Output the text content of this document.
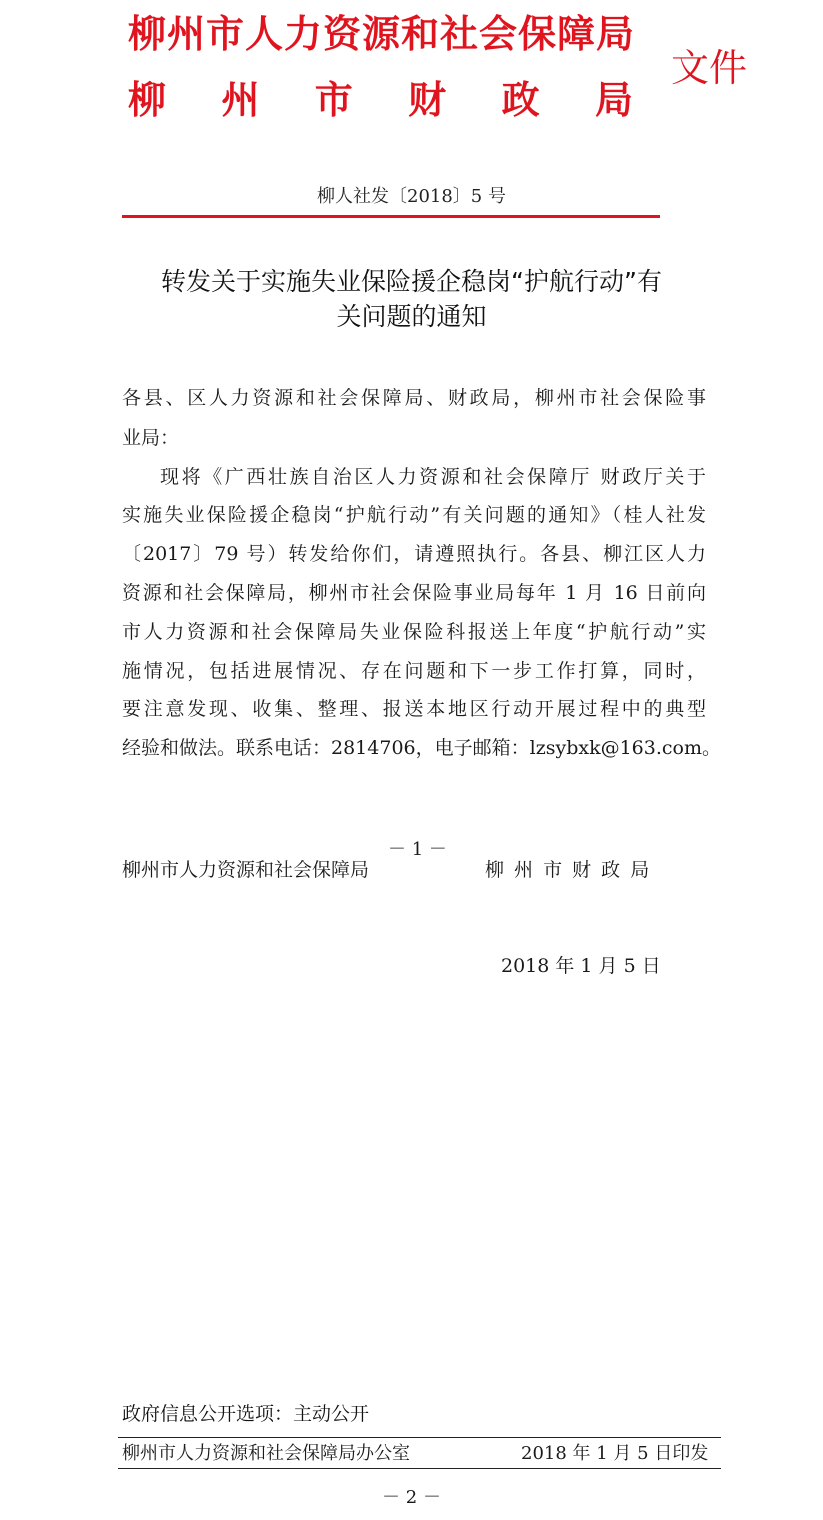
柳州市人力资源和社会保障局
柳 州 市 财 政 局
文件
柳人社发〔2018〕5 号
转发关于实施失业保险援企稳岗“护航行动”有
关问题的通知
各县、区人力资源和社会保障局、财政局，柳州市社会保险事
业局：
现将《广西壮族自治区人力资源和社会保障厅 财政厅关于
实施失业保险援企稳岗“护航行动”有关问题的通知》（桂人社发
〔2017〕79 号）转发给你们，请遵照执行。各县、柳江区人力
资源和社会保障局，柳州市社会保险事业局每年 1 月 16 日前向
市人力资源和社会保障局失业保险科报送上年度“护航行动”实
施情况，包括进展情况、存在问题和下一步工作打算，同时，
要注意发现、收集、整理、报送本地区行动开展过程中的典型
经验和做法。联系电话：2814706，电子邮箱：lzsybxk@163.com。
－ 1 －
柳州市人力资源和社会保障局	柳 州 市 财 政 局
2018 年 1 月 5 日
政府信息公开选项：主动公开
柳州市人力资源和社会保障局办公室	2018 年 1 月 5 日印发
－ 2 －
